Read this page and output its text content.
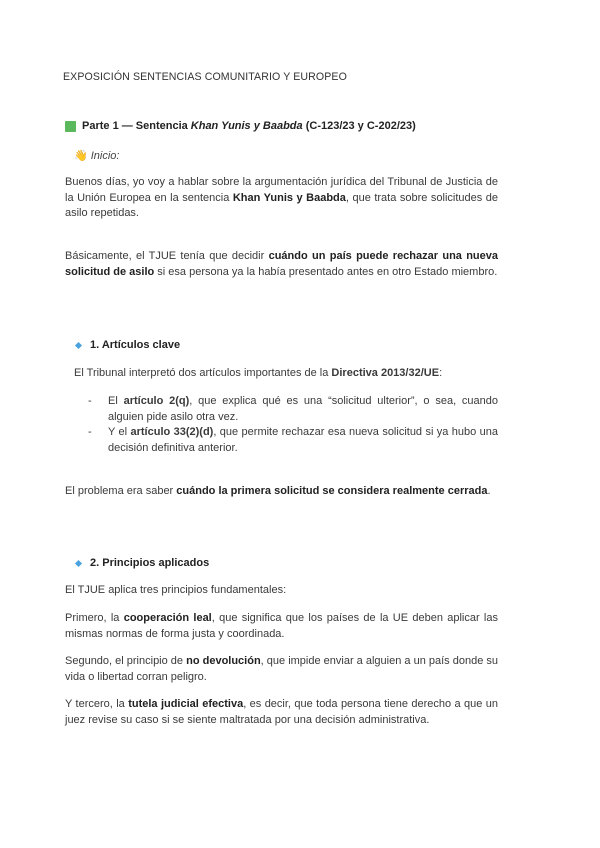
EXPOSICIÓN SENTENCIAS COMUNITARIO Y EUROPEO
Parte 1 — Sentencia Khan Yunis y Baabda (C-123/23 y C-202/23)
👋 Inicio:
Buenos días, yo voy a hablar sobre la argumentación jurídica del Tribunal de Justicia de la Unión Europea en la sentencia Khan Yunis y Baabda, que trata sobre solicitudes de asilo repetidas.
Básicamente, el TJUE tenía que decidir cuándo un país puede rechazar una nueva solicitud de asilo si esa persona ya la había presentado antes en otro Estado miembro.
1. Artículos clave
El Tribunal interpretó dos artículos importantes de la Directiva 2013/32/UE:
- El artículo 2(q), que explica qué es una “solicitud ulterior”, o sea, cuando alguien pide asilo otra vez.
- Y el artículo 33(2)(d), que permite rechazar esa nueva solicitud si ya hubo una decisión definitiva anterior.
El problema era saber cuándo la primera solicitud se considera realmente cerrada.
2. Principios aplicados
El TJUE aplica tres principios fundamentales:
Primero, la cooperación leal, que significa que los países de la UE deben aplicar las mismas normas de forma justa y coordinada.
Segundo, el principio de no devolución, que impide enviar a alguien a un país donde su vida o libertad corran peligro.
Y tercero, la tutela judicial efectiva, es decir, que toda persona tiene derecho a que un juez revise su caso si se siente maltratada por una decisión administrativa.
